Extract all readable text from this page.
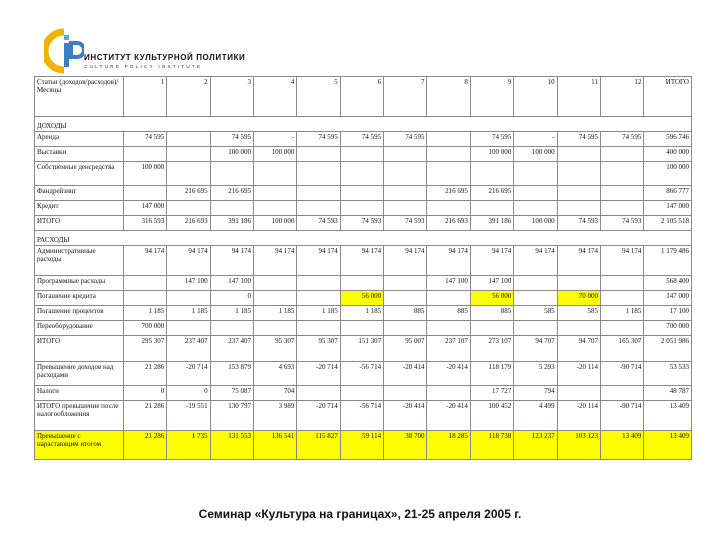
ИНСТИТУТ КУЛЬТУРНОЙ ПОЛИТИКИ
CULTURE POLICY INSTITUTE
Статьи (доходов/расходов)/Месяцы	1	2	3	4	5	6	7	8	9	10	11	12	ИТОГО
ДОХОДЫ													
Аренда	74 595		74 595	-	74 595	74 595	74 595		74 595	-	74 595	74 595	596 746
Выставки			100 000	100 000					100 000	100 000			400 000
Собственные денсредства	100 000												100 000
Фандрейзинг		216 695	216 695					216 695	216 695				866 777
Кредит	147 000												147 000
ИТОГО	316 593	216 693	391 186	100 000	74 593	74 593	74 593	216 693	391 186	100 000	74 593	74 593	2 105 518
РАСХОДЫ													
Административные расходы	94 174	94 174	94 174	94 174	94 174	94 174	94 174	94 174	94 174	94 174	94 174	94 174	1 179 486
Программные расходы		147 100	147 100					147 100	147 100				568 400
Погашение кредита			0			56 000			56 000		70 000		147 000
Погашение процентов	1 185	1 185	1 185	1 185	1 185	1 185	885	885	885	585	585	1 185	17 100
Переоборудование	700 000												700 000
ИТОГО	295 307	237 407	237 407	95 307	95 307	151 307	95 007	237 107	273 107	94 707	94 707	165 307	2 051 986
Превышение доходов над расходами	21 286	-20 714	153 879	4 693	-20 714	-56 714	-20 414	-20 414	118 179	5 293	-20 114	-90 714	53 533
Налоги	0	0	75 087	704					17 727	794			48 787
ИТОГО превышение после налогообложения	21 286	-19 551	130 797	3 989	-20 714	-56 714	-20 414	-20 414	100 452	4 499	-20 114	-90 714	13 409
Превышение с нарастающим итогом	21 286	1 735	131 553	136 541	115 827	59 114	38 700	18 285	118 738	123 237	103 123	13 409	13 409
Семинар «Культура на границах», 21-25 апреля 2005 г.
